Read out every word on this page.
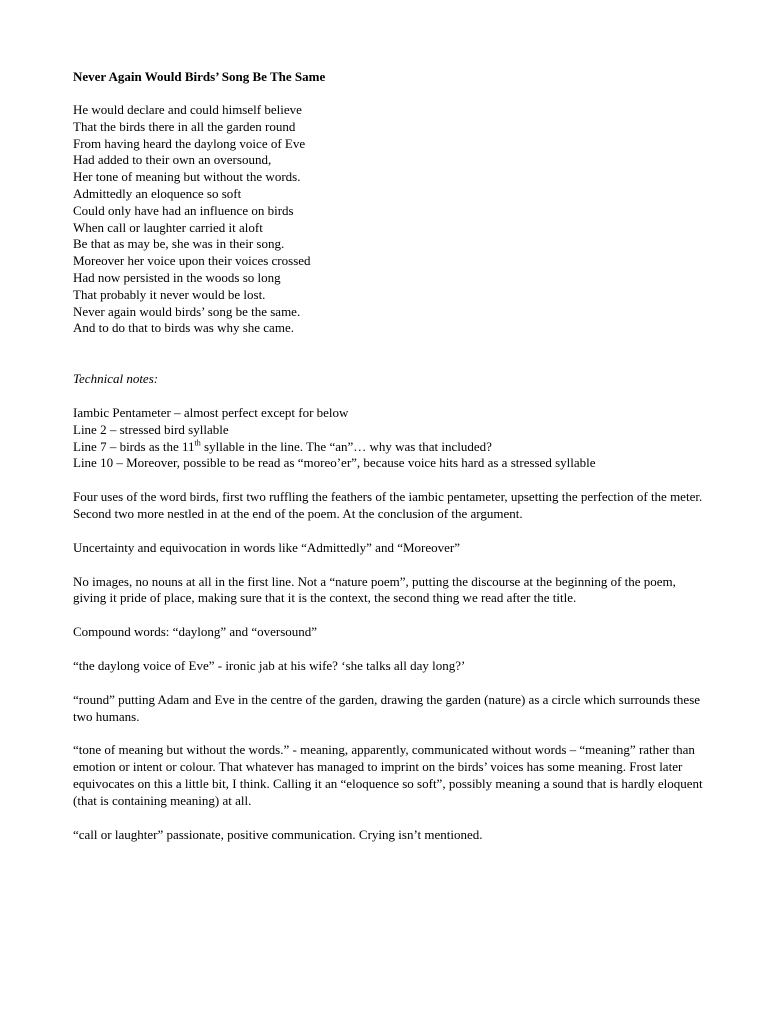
Never Again Would Birds’ Song Be The Same
He would declare and could himself believe
That the birds there in all the garden round
From having heard the daylong voice of Eve
Had added to their own an oversound,
Her tone of meaning but without the words.
Admittedly an eloquence so soft
Could only have had an influence on birds
When call or laughter carried it aloft
Be that as may be, she was in their song.
Moreover her voice upon their voices crossed
Had now persisted in the woods so long
That probably it never would be lost.
Never again would birds’ song be the same.
And to do that to birds was why she came.

Technical notes:

Iambic Pentameter – almost perfect except for below

Line 2 – stressed bird syllable

Line 7 – birds as the 11th syllable in the line. The “an”… why was that included?

Line 10 – Moreover, possible to be read as “moreo’er”, because voice hits hard as a stressed syllable

Four uses of the word birds, first two ruffling the feathers of the iambic pentameter, upsetting the perfection of the meter. Second two more nestled in at the end of the poem. At the conclusion of the argument.

Uncertainty and equivocation in words like “Admittedly” and “Moreover”

No images, no nouns at all in the first line. Not a “nature poem”, putting the discourse at the beginning of the poem, giving it pride of place, making sure that it is the context, the second thing we read after the title.

Compound words: “daylong” and “oversound”

“the daylong voice of Eve” - ironic jab at his wife? ‘she talks all day long?’

“round” putting Adam and Eve in the centre of the garden, drawing the garden (nature) as a circle which surrounds these two humans.

“tone of meaning but without the words.” - meaning, apparently, communicated without words – “meaning” rather than emotion or intent or colour. That whatever has managed to imprint on the birds’ voices has some meaning. Frost later equivocates on this a little bit, I think. Calling it an “eloquence so soft”, possibly meaning a sound that is hardly eloquent (that is containing meaning) at all.

“call or laughter” passionate, positive communication. Crying isn’t mentioned.
